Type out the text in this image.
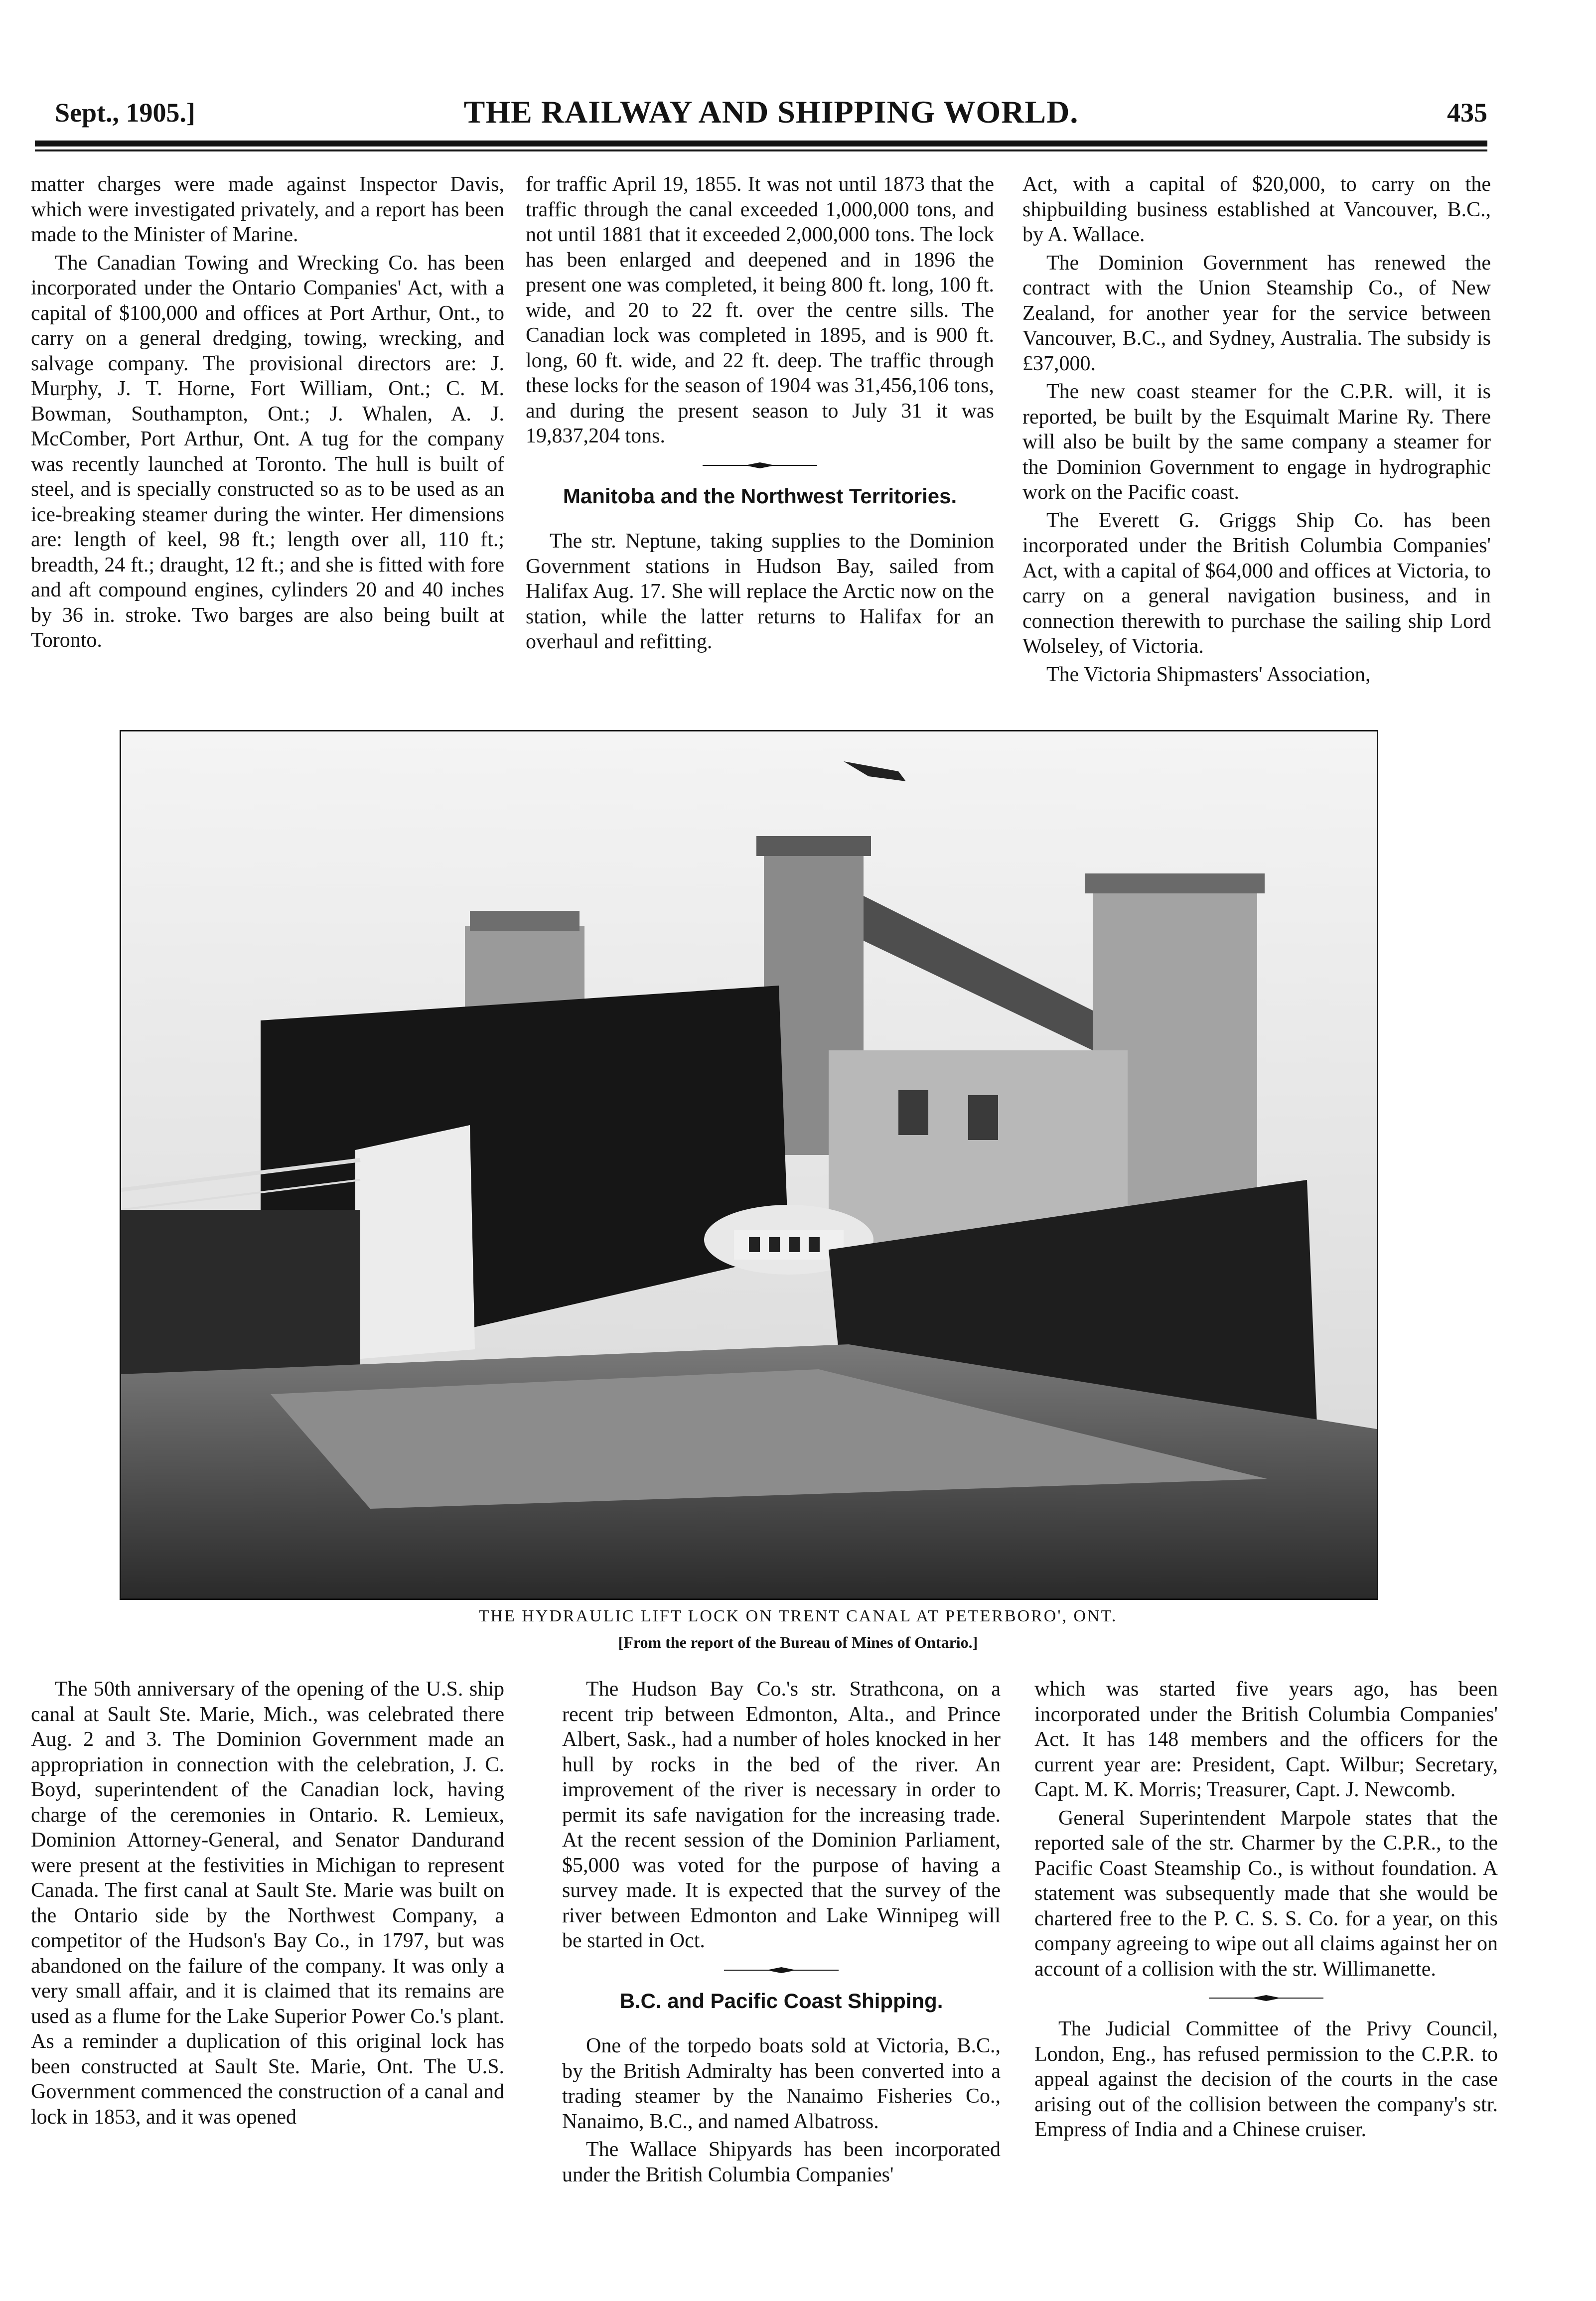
Sept., 1905.]	THE RAILWAY AND SHIPPING WORLD.	435

matter charges were made against Inspector Davis, which were investigated privately, and a report has been made to the Minister of Marine.

The Canadian Towing and Wrecking Co. has been incorporated under the Ontario Companies' Act, with a capital of $100,000 and offices at Port Arthur, Ont., to carry on a general dredging, towing, wrecking, and salvage company. The provisional directors are: J. Murphy, J. T. Horne, Fort William, Ont.; C. M. Bowman, Southampton, Ont.; J. Whalen, A. J. McComber, Port Arthur, Ont. A tug for the company was recently launched at Toronto. The hull is built of steel, and is specially constructed so as to be used as an ice-breaking steamer during the winter. Her dimensions are: length of keel, 98 ft.; length over all, 110 ft.; breadth, 24 ft.; draught, 12 ft.; and she is fitted with fore and aft compound engines, cylinders 20 and 40 inches by 36 in. stroke. Two barges are also being built at Toronto.

for traffic April 19, 1855. It was not until 1873 that the traffic through the canal exceeded 1,000,000 tons, and not until 1881 that it exceeded 2,000,000 tons. The lock has been enlarged and deepened and in 1896 the present one was completed, it being 800 ft. long, 100 ft. wide, and 20 to 22 ft. over the centre sills. The Canadian lock was completed in 1895, and is 900 ft. long, 60 ft. wide, and 22 ft. deep. The traffic through these locks for the season of 1904 was 31,456,106 tons, and during the present season to July 31 it was 19,837,204 tons.

Manitoba and the Northwest Territories.

The str. Neptune, taking supplies to the Dominion Government stations in Hudson Bay, sailed from Halifax Aug. 17. She will replace the Arctic now on the station, while the latter returns to Halifax for an overhaul and refitting.

Act, with a capital of $20,000, to carry on the shipbuilding business established at Vancouver, B.C., by A. Wallace.

The Dominion Government has renewed the contract with the Union Steamship Co., of New Zealand, for another year for the service between Vancouver, B.C., and Sydney, Australia. The subsidy is £37,000.

The new coast steamer for the C.P.R. will, it is reported, be built by the Esquimalt Marine Ry. There will also be built by the same company a steamer for the Dominion Government to engage in hydrographic work on the Pacific coast.

The Everett G. Griggs Ship Co. has been incorporated under the British Columbia Companies' Act, with a capital of $64,000 and offices at Victoria, to carry on a general navigation business, and in connection therewith to purchase the sailing ship Lord Wolseley, of Victoria.

The Victoria Shipmasters' Association,

THE HYDRAULIC LIFT LOCK ON TRENT CANAL AT PETERBORO', ONT.
[From the report of the Bureau of Mines of Ontario.]

The 50th anniversary of the opening of the U.S. ship canal at Sault Ste. Marie, Mich., was celebrated there Aug. 2 and 3. The Dominion Government made an appropriation in connection with the celebration, J. C. Boyd, superintendent of the Canadian lock, having charge of the ceremonies in Ontario. R. Lemieux, Dominion Attorney-General, and Senator Dandurand were present at the festivities in Michigan to represent Canada. The first canal at Sault Ste. Marie was built on the Ontario side by the Northwest Company, a competitor of the Hudson's Bay Co., in 1797, but was abandoned on the failure of the company. It was only a very small affair, and it is claimed that its remains are used as a flume for the Lake Superior Power Co.'s plant. As a reminder a duplication of this original lock has been constructed at Sault Ste. Marie, Ont. The U.S. Government commenced the construction of a canal and lock in 1853, and it was opened

The Hudson Bay Co.'s str. Strathcona, on a recent trip between Edmonton, Alta., and Prince Albert, Sask., had a number of holes knocked in her hull by rocks in the bed of the river. An improvement of the river is necessary in order to permit its safe navigation for the increasing trade. At the recent session of the Dominion Parliament, $5,000 was voted for the purpose of having a survey made. It is expected that the survey of the river between Edmonton and Lake Winnipeg will be started in Oct.

B.C. and Pacific Coast Shipping.

One of the torpedo boats sold at Victoria, B.C., by the British Admiralty has been converted into a trading steamer by the Nanaimo Fisheries Co., Nanaimo, B.C., and named Albatross.

The Wallace Shipyards has been incorporated under the British Columbia Companies'

which was started five years ago, has been incorporated under the British Columbia Companies' Act. It has 148 members and the officers for the current year are: President, Capt. Wilbur; Secretary, Capt. M. K. Morris; Treasurer, Capt. J. Newcomb.

General Superintendent Marpole states that the reported sale of the str. Charmer by the C.P.R., to the Pacific Coast Steamship Co., is without foundation. A statement was subsequently made that she would be chartered free to the P. C. S. S. Co. for a year, on this company agreeing to wipe out all claims against her on account of a collision with the str. Willimanette.

The Judicial Committee of the Privy Council, London, Eng., has refused permission to the C.P.R. to appeal against the decision of the courts in the case arising out of the collision between the company's str. Empress of India and a Chinese cruiser.
